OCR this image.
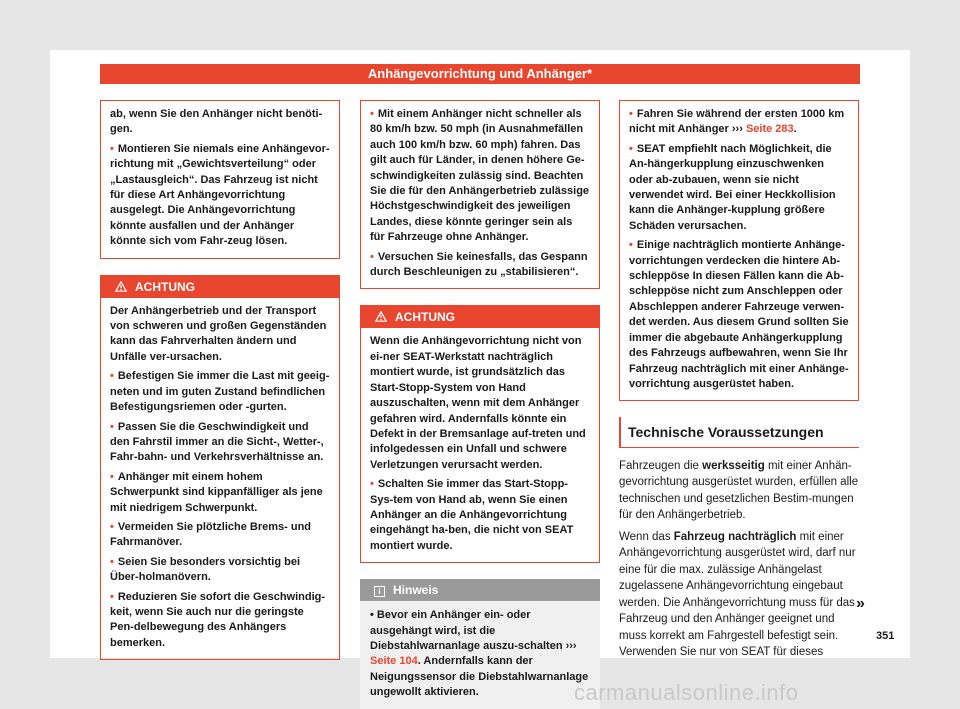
Anhängevorrichtung und Anhänger*

ab, wenn Sie den Anhänger nicht benöti-gen.

• Montieren Sie niemals eine Anhängevor-richtung mit „Gewichtsverteilung“ oder „Lastausgleich“. Das Fahrzeug ist nicht für diese Art Anhängevorrichtung ausgelegt. Die Anhängevorrichtung könnte ausfallen und der Anhänger könnte sich vom Fahr-zeug lösen.

ACHTUNG

Der Anhängerbetrieb und der Transport von schweren und großen Gegenständen kann das Fahrverhalten ändern und Unfälle ver-ursachen.

• Befestigen Sie immer die Last mit geeig-neten und im guten Zustand befindlichen Befestigungsriemen oder -gurten.

• Passen Sie die Geschwindigkeit und den Fahrstil immer an die Sicht-, Wetter-, Fahr-bahn- und Verkehrsverhältnisse an.

• Anhänger mit einem hohem Schwerpunkt sind kippanfälliger als jene mit niedrigem Schwerpunkt.

• Vermeiden Sie plötzliche Brems- und Fahrmanöver.

• Seien Sie besonders vorsichtig bei Über-holmanövern.

• Reduzieren Sie sofort die Geschwindig-keit, wenn Sie auch nur die geringste Pen-delbewegung des Anhängers bemerken.

• Mit einem Anhänger nicht schneller als 80 km/h bzw. 50 mph (in Ausnahmefällen auch 100 km/h bzw. 60 mph) fahren. Das gilt auch für Länder, in denen höhere Ge-schwindigkeiten zulässig sind. Beachten Sie die für den Anhängerbetrieb zulässige Höchstgeschwindigkeit des jeweiligen Landes, diese könnte geringer sein als für Fahrzeuge ohne Anhänger.

• Versuchen Sie keinesfalls, das Gespann durch Beschleunigen zu „stabilisieren“.

ACHTUNG

Wenn die Anhängevorrichtung nicht von ei-ner SEAT-Werkstatt nachträglich montiert wurde, ist grundsätzlich das Start-Stopp-System von Hand auszuschalten, wenn mit dem Anhänger gefahren wird. Andernfalls könnte ein Defekt in der Bremsanlage auf-treten und infolgedessen ein Unfall und schwere Verletzungen verursacht werden.

• Schalten Sie immer das Start-Stopp-Sys-tem von Hand ab, wenn Sie einen Anhänger an die Anhängevorrichtung eingehängt ha-ben, die nicht von SEAT montiert wurde.

i Hinweis

• Bevor ein Anhänger ein- oder ausgehängt wird, ist die Diebstahlwarnanlage auszu-schalten ››› Seite 104. Andernfalls kann der Neigungssensor die Diebstahlwarnanlage ungewollt aktivieren.

• Fahren Sie während der ersten 1000 km nicht mit Anhänger ››› Seite 283.

• SEAT empfiehlt nach Möglichkeit, die An-hängerkupplung einzuschwenken oder ab-zubauen, wenn sie nicht verwendet wird. Bei einer Heckkollision kann die Anhänger-kupplung größere Schäden verursachen.

• Einige nachträglich montierte Anhänge-vorrichtungen verdecken die hintere Ab-schleppöse In diesen Fällen kann die Ab-schleppöse nicht zum Anschleppen oder Abschleppen anderer Fahrzeuge verwen-det werden. Aus diesem Grund sollten Sie immer die abgebaute Anhängerkupplung des Fahrzeugs aufbewahren, wenn Sie Ihr Fahrzeug nachträglich mit einer Anhänge-vorrichtung ausgerüstet haben.

Technische Voraussetzungen

Fahrzeugen die werksseitig mit einer Anhän-gevorrichtung ausgerüstet wurden, erfüllen alle technischen und gesetzlichen Bestim-mungen für den Anhängerbetrieb.

Wenn das Fahrzeug nachträglich mit einer Anhängevorrichtung ausgerüstet wird, darf nur eine für die max. zulässige Anhängelast zugelassene Anhängevorrichtung eingebaut werden. Die Anhängevorrichtung muss für das Fahrzeug und den Anhänger geeignet und muss korrekt am Fahrgestell befestigt sein. Verwenden Sie nur von SEAT für dieses

»
351
carmanualsonline.info
